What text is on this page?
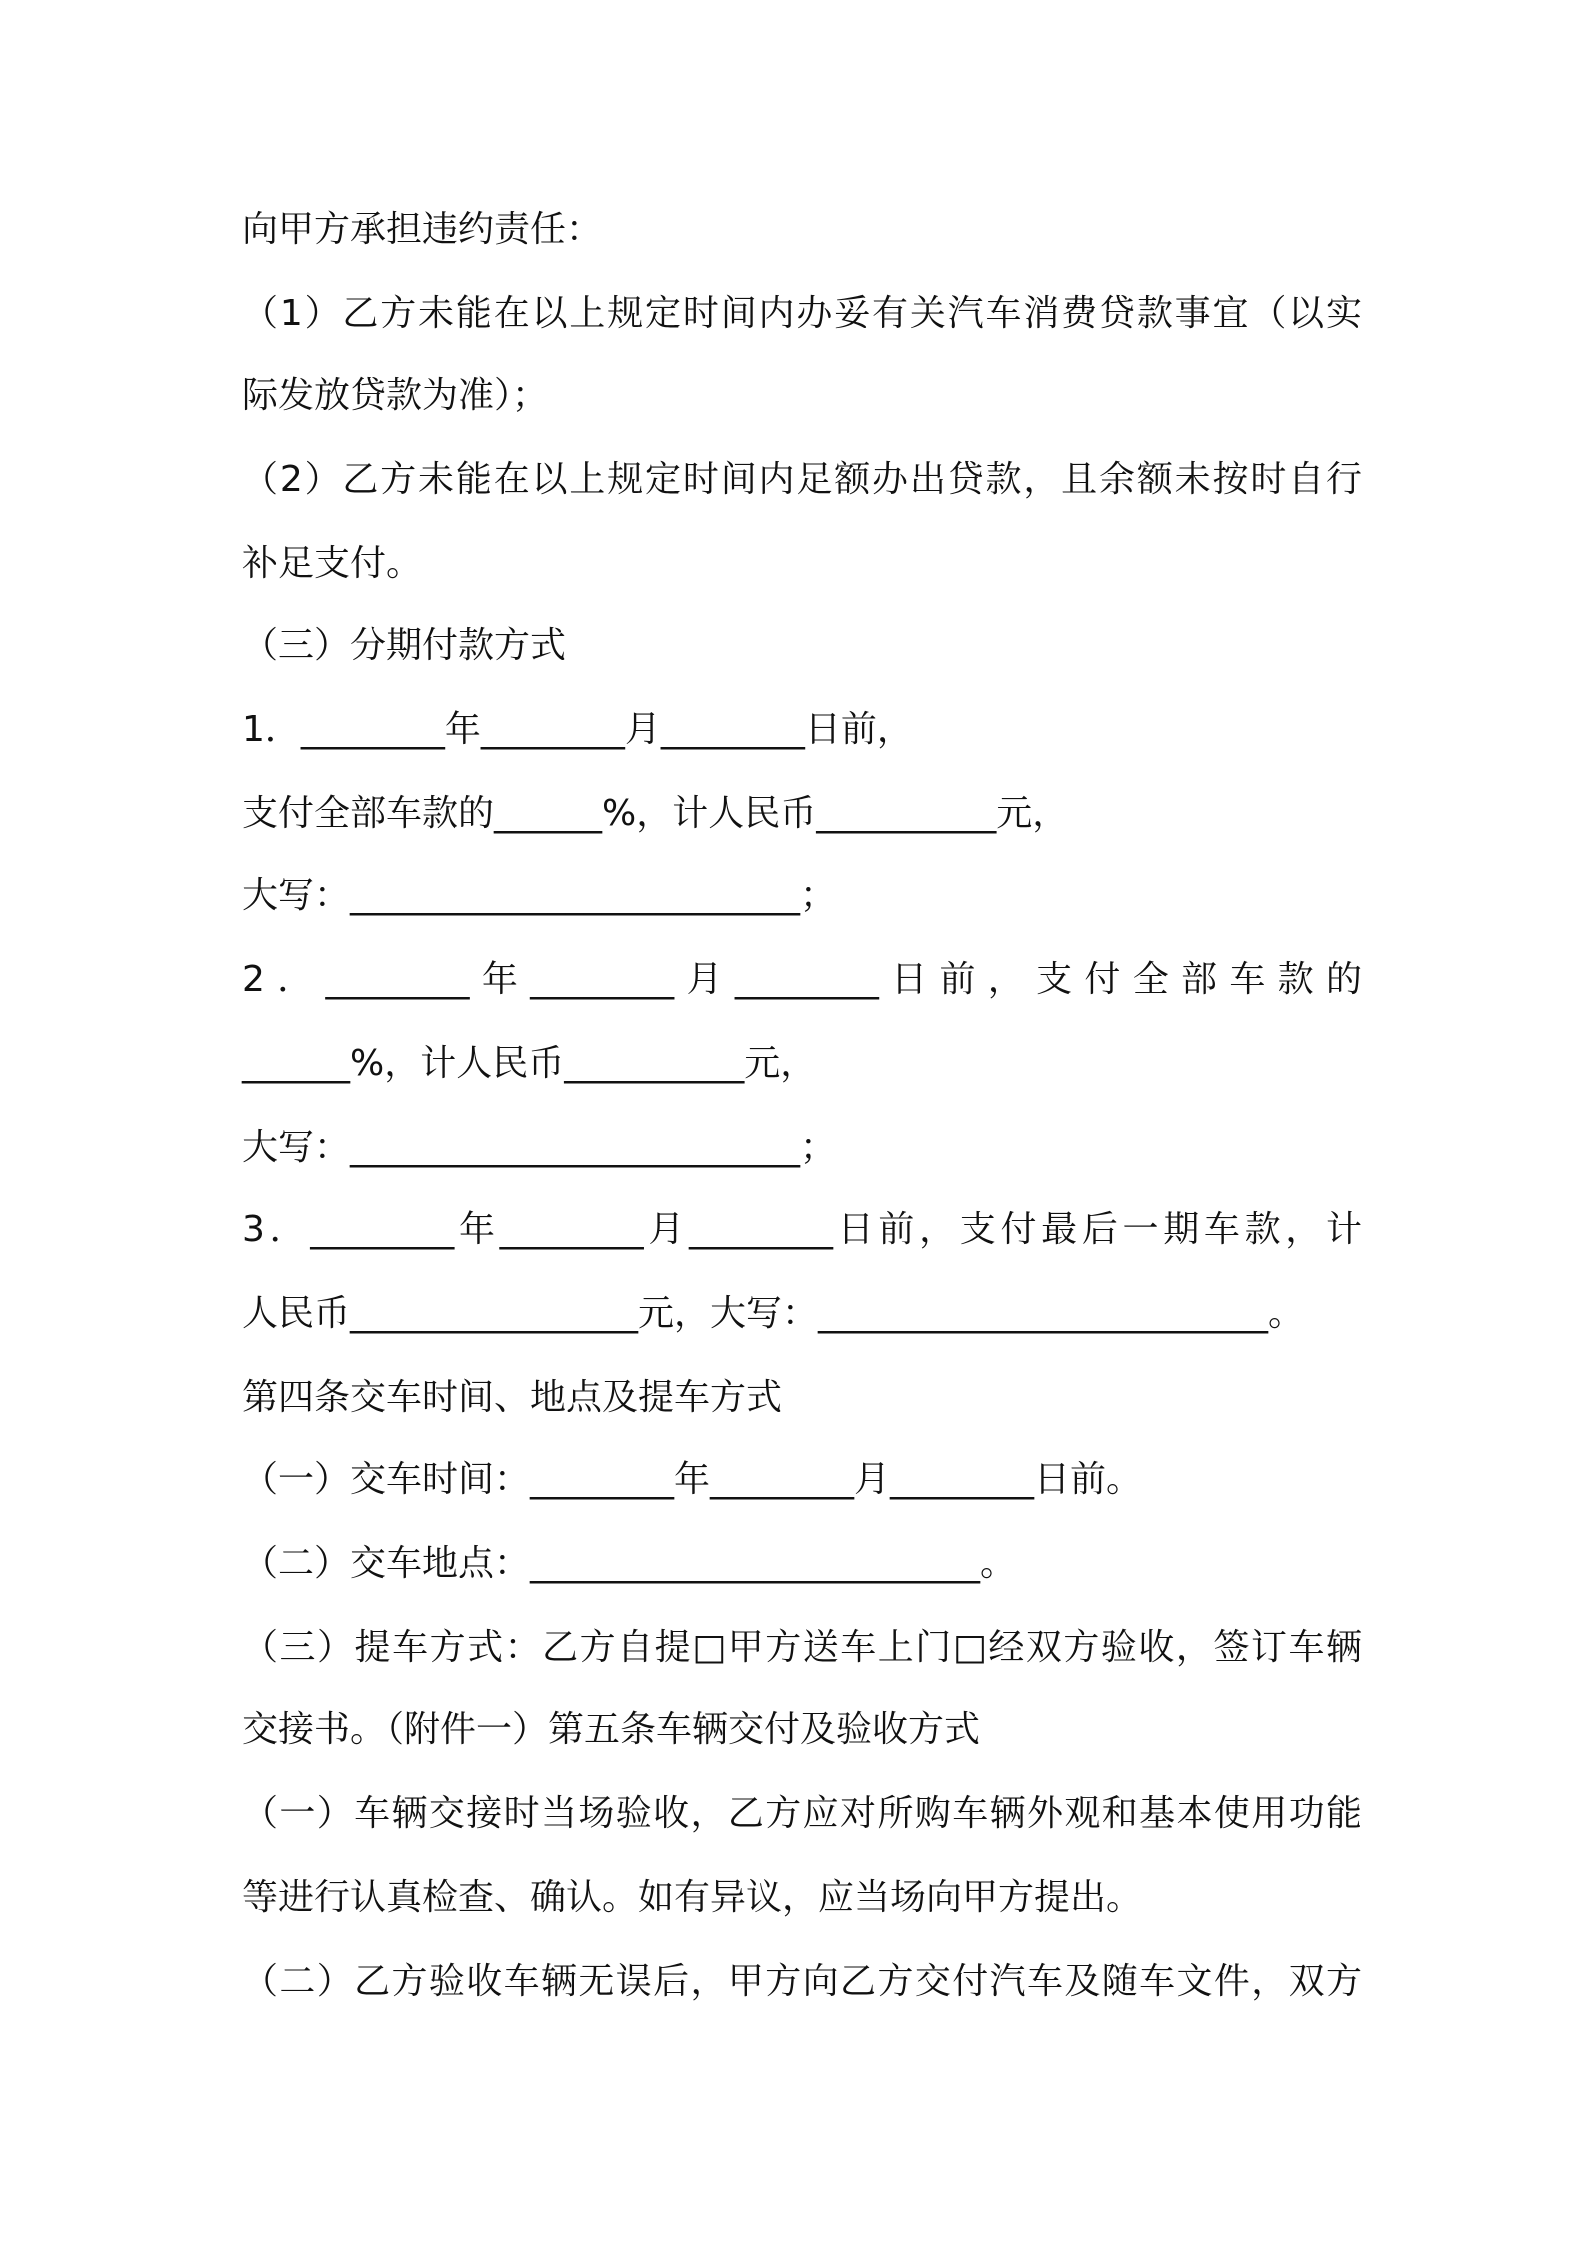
向甲方承担违约责任：
（1）乙方未能在以上规定时间内办妥有关汽车消费贷款事宜（以实
际发放贷款为准）；
（2）乙方未能在以上规定时间内足额办出贷款，且余额未按时自行
补足支付。
（三）分期付款方式
1．________年________月________日前，
支付全部车款的______%，计人民币__________元，
大写：_________________________；
2．________年________月________日前，支付全部车款的
______%，计人民币__________元，
大写：_________________________；
3．________年________月________日前，支付最后一期车款，计
人民币________________元，大写：_________________________。
第四条交车时间、地点及提车方式
（一）交车时间：________年________月________日前。
（二）交车地点：_________________________。
（三）提车方式：乙方自提□甲方送车上门□经双方验收，签订车辆
交接书。（附件一）第五条车辆交付及验收方式
（一）车辆交接时当场验收，乙方应对所购车辆外观和基本使用功能
等进行认真检查、确认。如有异议，应当场向甲方提出。
（二）乙方验收车辆无误后，甲方向乙方交付汽车及随车文件，双方
